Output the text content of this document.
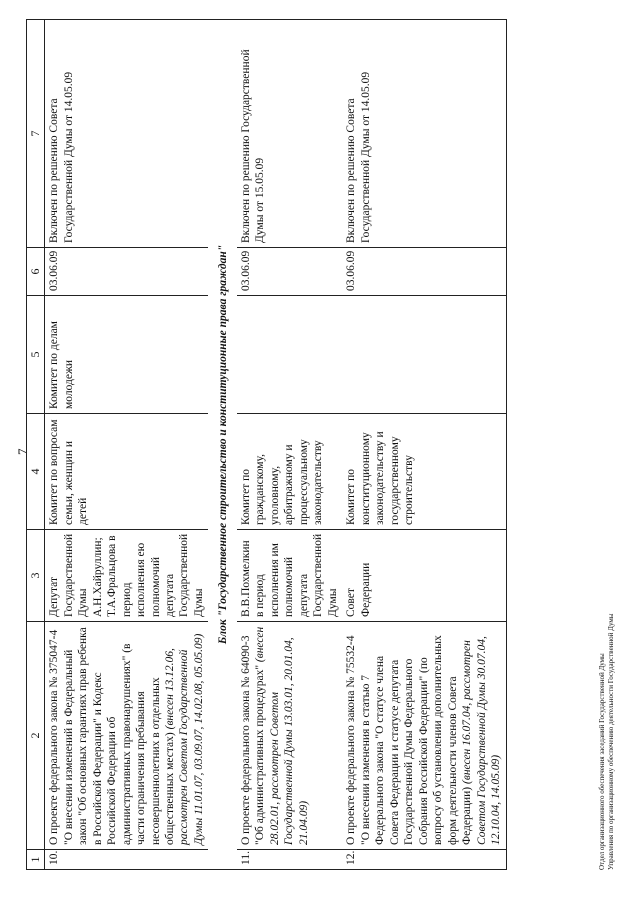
7
1	2	3	4	5	6	7
10.	О проекте федерального закона № 375047-4 "О внесении изменений в Федеральный закон "Об основных гарантиях прав ребенка в Российской Федерации" и Кодекс Российской Федерации об административных правонарушениях" (в части ограничения пребывания несовершеннолетних в отдельных общественных местах) (внесен 13.12.06, рассмотрен Советом Государственной Думы 11.01.07, 03.09.07, 14.02.08, 05.05.09)	Депутат Государственной Думы А.Н.Хайруллин; Т.А.Фральцова в период исполнения ею полномочий депутата Государственной Думы	Комитет по вопросам семьи, женщин и детей	Комитет по делам молодежи	03.06.09	Включен по решению Совета Государственной Думы от 14.05.09
Блок "Государственное строительство и конституционные права граждан"						
11.	О проекте федерального закона № 64090-3 "Об административных процедурах" (внесен 28.02.01, рассмотрен Советом Государственной Думы 13.03.01, 20.01.04, 21.04.09)	В.В.Похмелкин в период исполнения им полномочий депутата Государственной Думы	Комитет по гражданскому, уголовному, арбитражному и процессуальному законодательству		03.06.09	Включен по решению Государственной Думы от 15.05.09
12.	О проекте федерального закона № 75532-4 "О внесении изменения в статью 7 Федерального закона "О статусе члена Совета Федерации и статусе депутата Государственной Думы Федерального Собрания Российской Федерации" (по вопросу об установлении дополнительных форм деятельности членов Совета Федерации) (внесен 16.07.04, рассмотрен Советом Государственной Думы 30.07.04, 12.10.04, 14.05.09)	Совет Федерации	Комитет по конституционному законодательству и государственному строительству		03.06.09	Включен по решению Совета Государственной Думы от 14.05.09
Отдел организационного обеспечения заседаний Государственной Думы Управления по организационному обеспечению деятельности Государственной Думы
